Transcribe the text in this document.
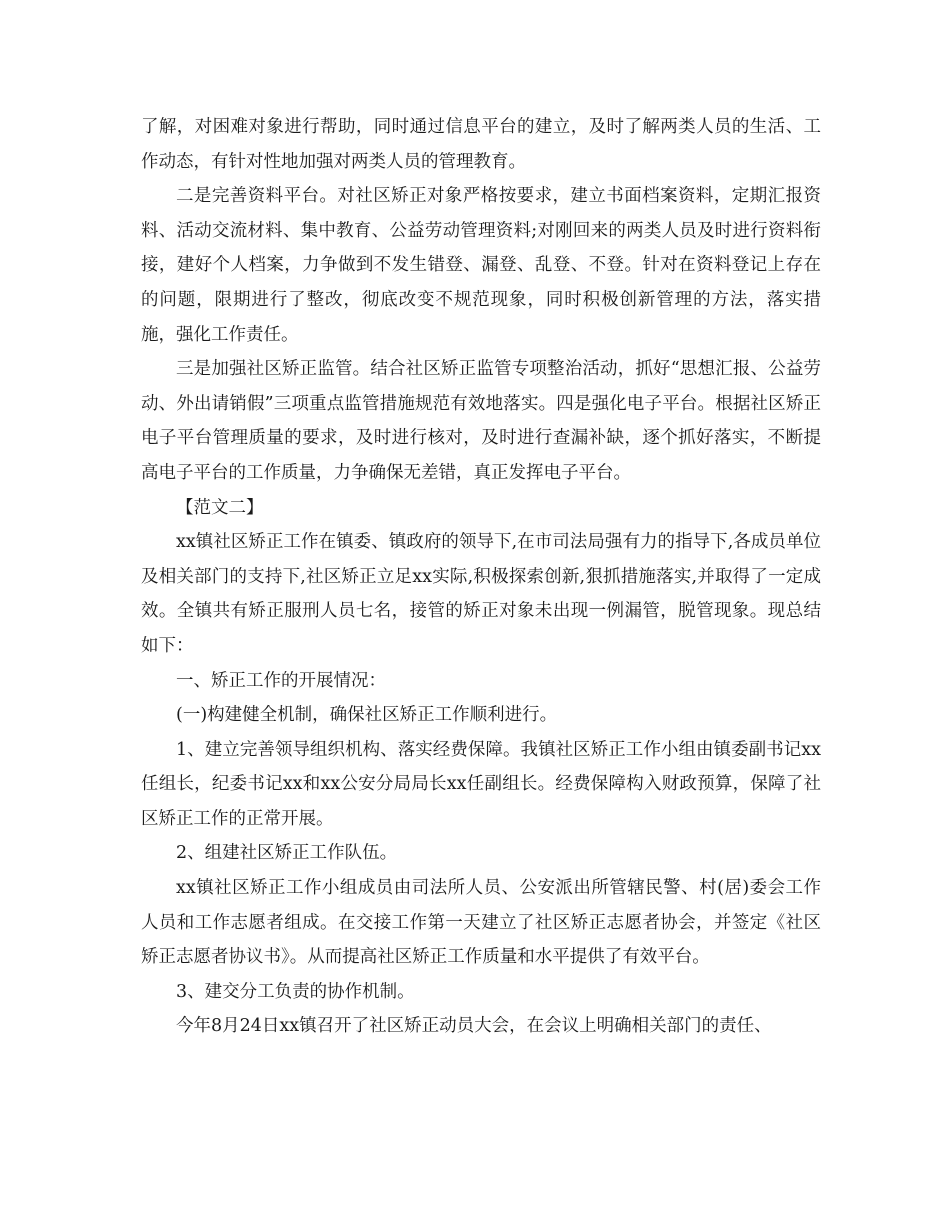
了解，对困难对象进行帮助，同时通过信息平台的建立，及时了解两类人员的生活、工作动态，有针对性地加强对两类人员的管理教育。

二是完善资料平台。对社区矫正对象严格按要求，建立书面档案资料，定期汇报资料、活动交流材料、集中教育、公益劳动管理资料;对刚回来的两类人员及时进行资料衔接，建好个人档案，力争做到不发生错登、漏登、乱登、不登。针对在资料登记上存在的问题，限期进行了整改，彻底改变不规范现象，同时积极创新管理的方法，落实措施，强化工作责任。

三是加强社区矫正监管。结合社区矫正监管专项整治活动，抓好“思想汇报、公益劳动、外出请销假”三项重点监管措施规范有效地落实。四是强化电子平台。根据社区矫正电子平台管理质量的要求，及时进行核对，及时进行查漏补缺，逐个抓好落实，不断提高电子平台的工作质量，力争确保无差错，真正发挥电子平台。

【范文二】

xx镇社区矫正工作在镇委、镇政府的领导下,在市司法局强有力的指导下,各成员单位及相关部门的支持下,社区矫正立足xx实际,积极探索创新,狠抓措施落实,并取得了一定成效。全镇共有矫正服刑人员七名，接管的矫正对象未出现一例漏管，脱管现象。现总结如下：

一、矫正工作的开展情况：

(一)构建健全机制，确保社区矫正工作顺利进行。

1、建立完善领导组织机构、落实经费保障。我镇社区矫正工作小组由镇委副书记xx任组长，纪委书记xx和xx公安分局局长xx任副组长。经费保障构入财政预算，保障了社区矫正工作的正常开展。

2、组建社区矫正工作队伍。

xx镇社区矫正工作小组成员由司法所人员、公安派出所管辖民警、村(居)委会工作人员和工作志愿者组成。在交接工作第一天建立了社区矫正志愿者协会，并签定《社区矫正志愿者协议书》。从而提高社区矫正工作质量和水平提供了有效平台。

3、建交分工负责的协作机制。

今年8月24日xx镇召开了社区矫正动员大会，在会议上明确相关部门的责任、
